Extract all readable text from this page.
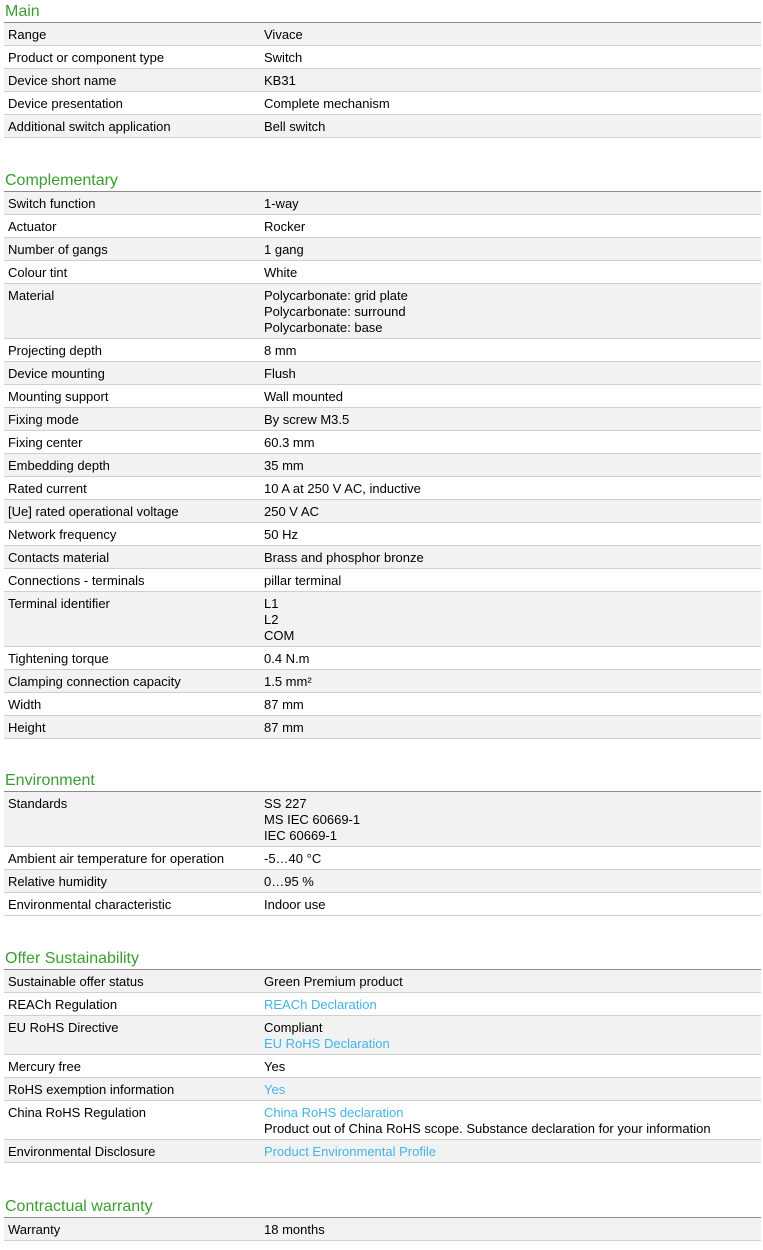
Main
Range	Vivace
Product or component type	Switch
Device short name	KB31
Device presentation	Complete mechanism
Additional switch application	Bell switch
Complementary
Switch function	1-way
Actuator	Rocker
Number of gangs	1 gang
Colour tint	White
Material	Polycarbonate: grid plate
Polycarbonate: surround
Polycarbonate: base
Projecting depth	8 mm
Device mounting	Flush
Mounting support	Wall mounted
Fixing mode	By screw M3.5
Fixing center	60.3 mm
Embedding depth	35 mm
Rated current	10 A at 250 V AC, inductive
[Ue] rated operational voltage	250 V AC
Network frequency	50 Hz
Contacts material	Brass and phosphor bronze
Connections - terminals	pillar terminal
Terminal identifier	L1
L2
COM
Tightening torque	0.4 N.m
Clamping connection capacity	1.5 mm²
Width	87 mm
Height	87 mm
Environment
Standards	SS 227
MS IEC 60669-1
IEC 60669-1
Ambient air temperature for operation	-5…40 °C
Relative humidity	0…95 %
Environmental characteristic	Indoor use
Offer Sustainability
Sustainable offer status	Green Premium product
REACh Regulation	REACh Declaration
EU RoHS Directive	Compliant
EU RoHS Declaration
Mercury free	Yes
RoHS exemption information	Yes
China RoHS Regulation	China RoHS declaration
Product out of China RoHS scope. Substance declaration for your information
Environmental Disclosure	Product Environmental Profile
Contractual warranty
Warranty	18 months
